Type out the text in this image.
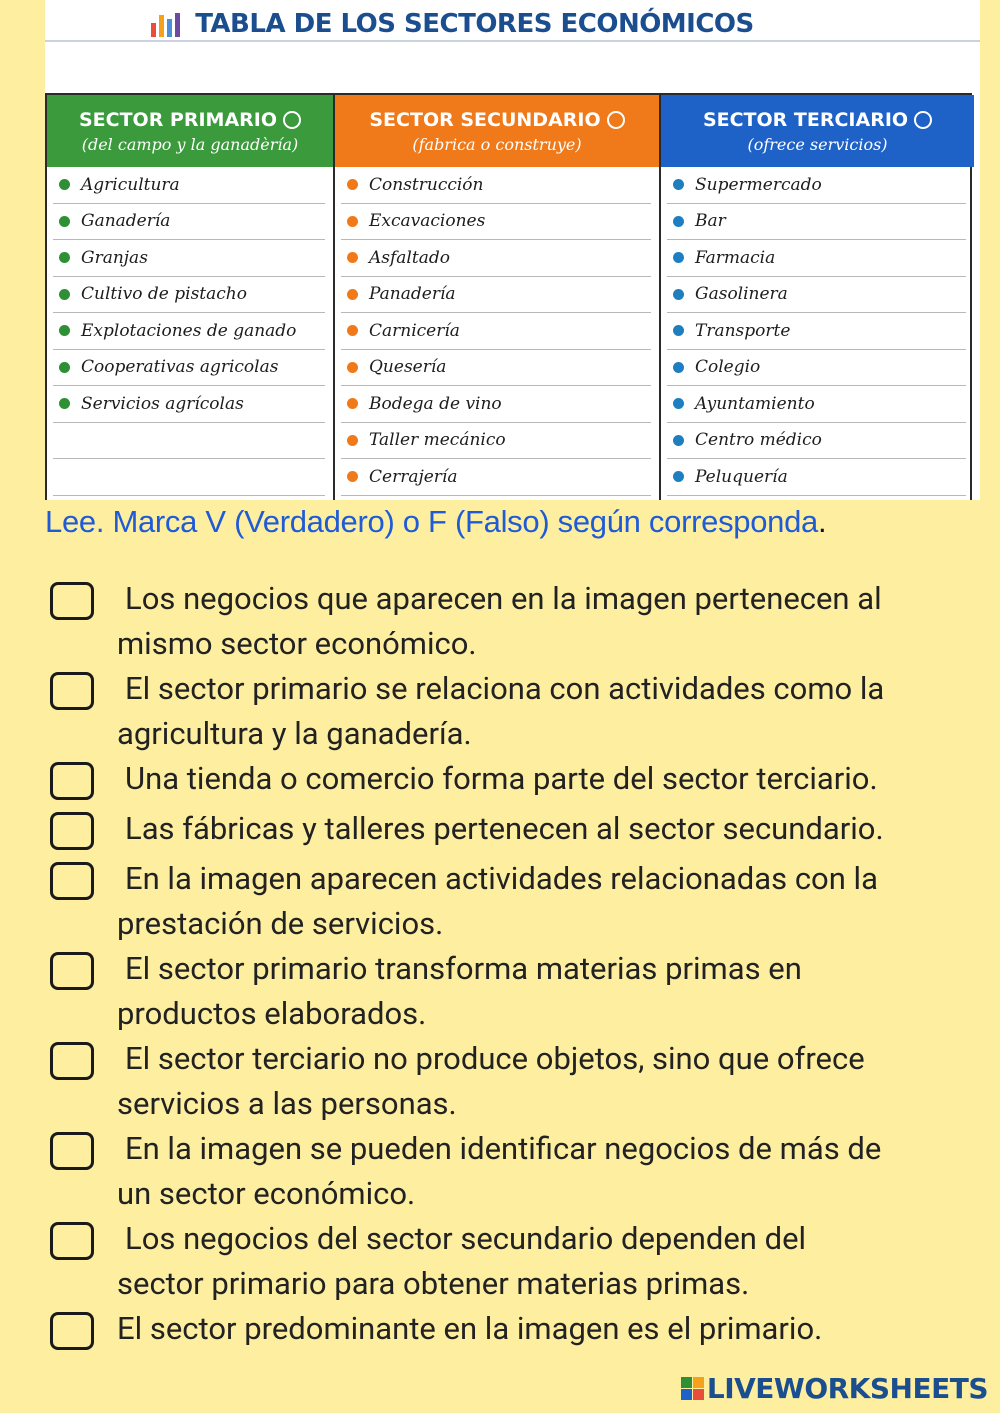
TABLA DE LOS SECTORES ECONÓMICOS
SECTOR PRIMARIO
(del campo y la ganadèría)
Agricultura
Ganadería
Granjas
Cultivo de pistacho
Explotaciones de ganado
Cooperativas agricolas
Servicios agrícolas
SECTOR SECUNDARIO
(fabrica o construye)
Construcción
Excavaciones
Asfaltado
Panadería
Carnicería
Quesería
Bodega de vino
Taller mecánico
Cerrajería
SECTOR TERCIARIO
(ofrece servicios)
Supermercado
Bar
Farmacia
Gasolinera
Transporte
Colegio
Ayuntamiento
Centro médico
Peluquería
Lee. Marca V (Verdadero) o F (Falso) según corresponda.
Los negocios que aparecen en la imagen pertenecen al
mismo sector económico.
El sector primario se relaciona con actividades como la
agricultura y la ganadería.
Una tienda o comercio forma parte del sector terciario.
Las fábricas y talleres pertenecen al sector secundario.
En la imagen aparecen actividades relacionadas con la
prestación de servicios.
El sector primario transforma materias primas en
productos elaborados.
El sector terciario no produce objetos, sino que ofrece
servicios a las personas.
En la imagen se pueden identificar negocios de más de
un sector económico.
Los negocios del sector secundario dependen del
sector primario para obtener materias primas.
El sector predominante en la imagen es el primario.
LIVEWORKSHEETS
